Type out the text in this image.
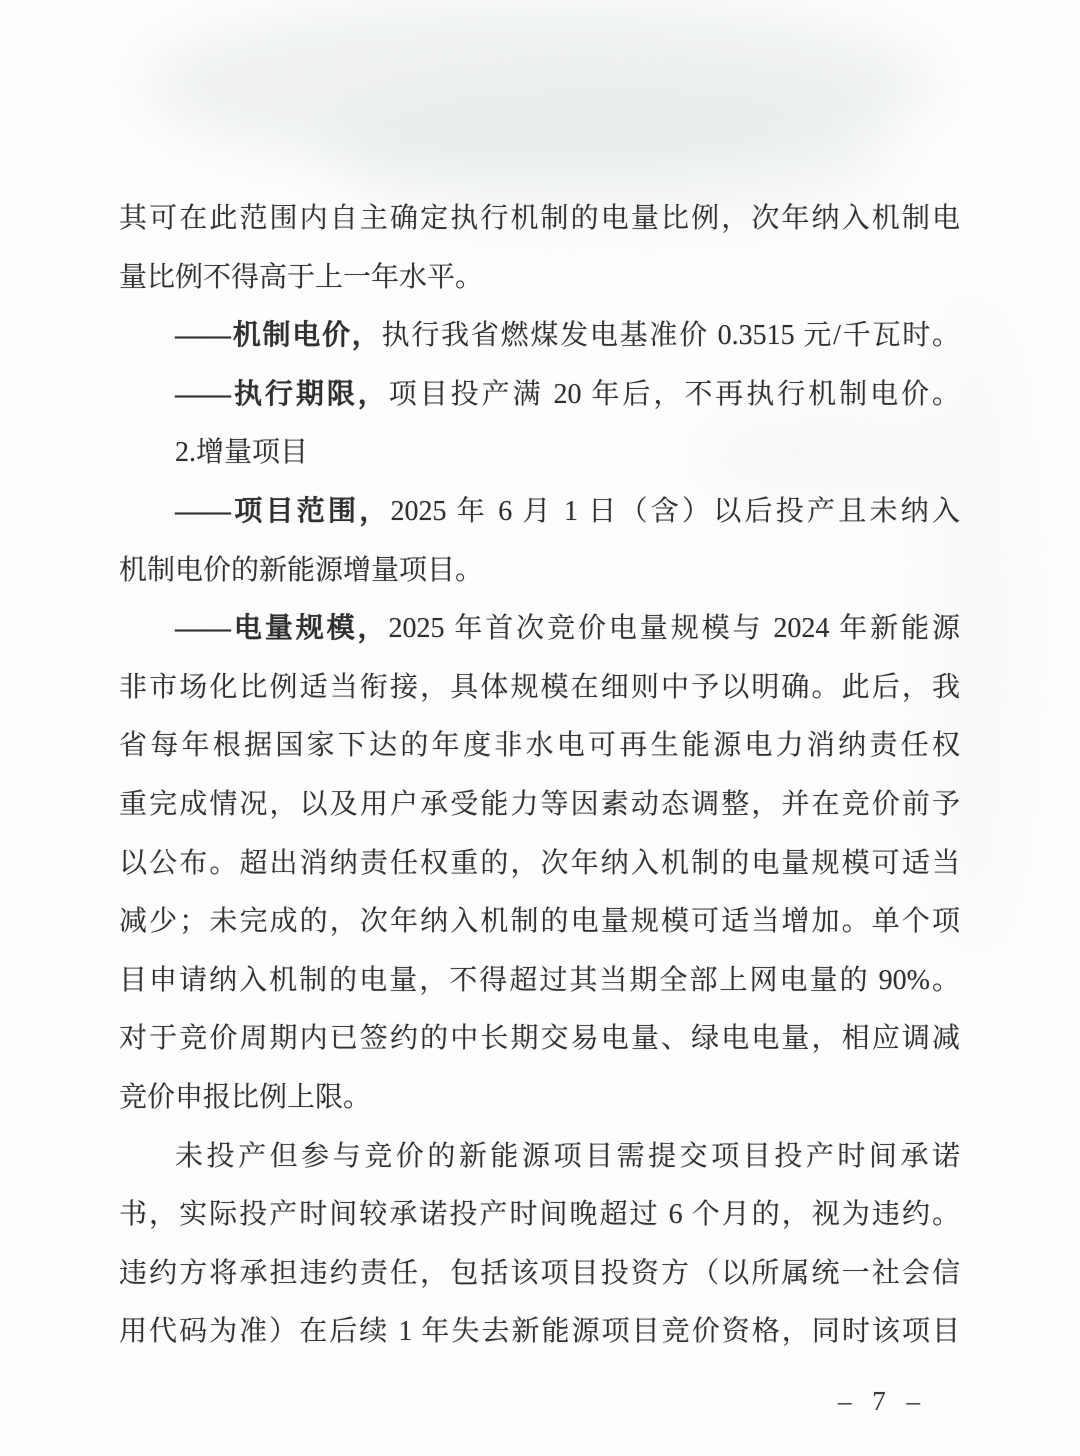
其可在此范围内自主确定执行机制的电量比例，次年纳入机制电
量比例不得高于上一年水平。
——机制电价，执行我省燃煤发电基准价 0.3515 元/千瓦时。
——执行期限，项目投产满 20 年后，不再执行机制电价。
2.增量项目
——项目范围，2025 年 6 月 1 日（含）以后投产且未纳入
机制电价的新能源增量项目。
——电量规模，2025 年首次竞价电量规模与 2024 年新能源
非市场化比例适当衔接，具体规模在细则中予以明确。此后，我
省每年根据国家下达的年度非水电可再生能源电力消纳责任权
重完成情况，以及用户承受能力等因素动态调整，并在竞价前予
以公布。超出消纳责任权重的，次年纳入机制的电量规模可适当
减少；未完成的，次年纳入机制的电量规模可适当增加。单个项
目申请纳入机制的电量，不得超过其当期全部上网电量的 90%。
对于竞价周期内已签约的中长期交易电量、绿电电量，相应调减
竞价申报比例上限。
未投产但参与竞价的新能源项目需提交项目投产时间承诺
书，实际投产时间较承诺投产时间晚超过 6 个月的，视为违约。
违约方将承担违约责任，包括该项目投资方（以所属统一社会信
用代码为准）在后续 1 年失去新能源项目竞价资格，同时该项目
– 7 –
